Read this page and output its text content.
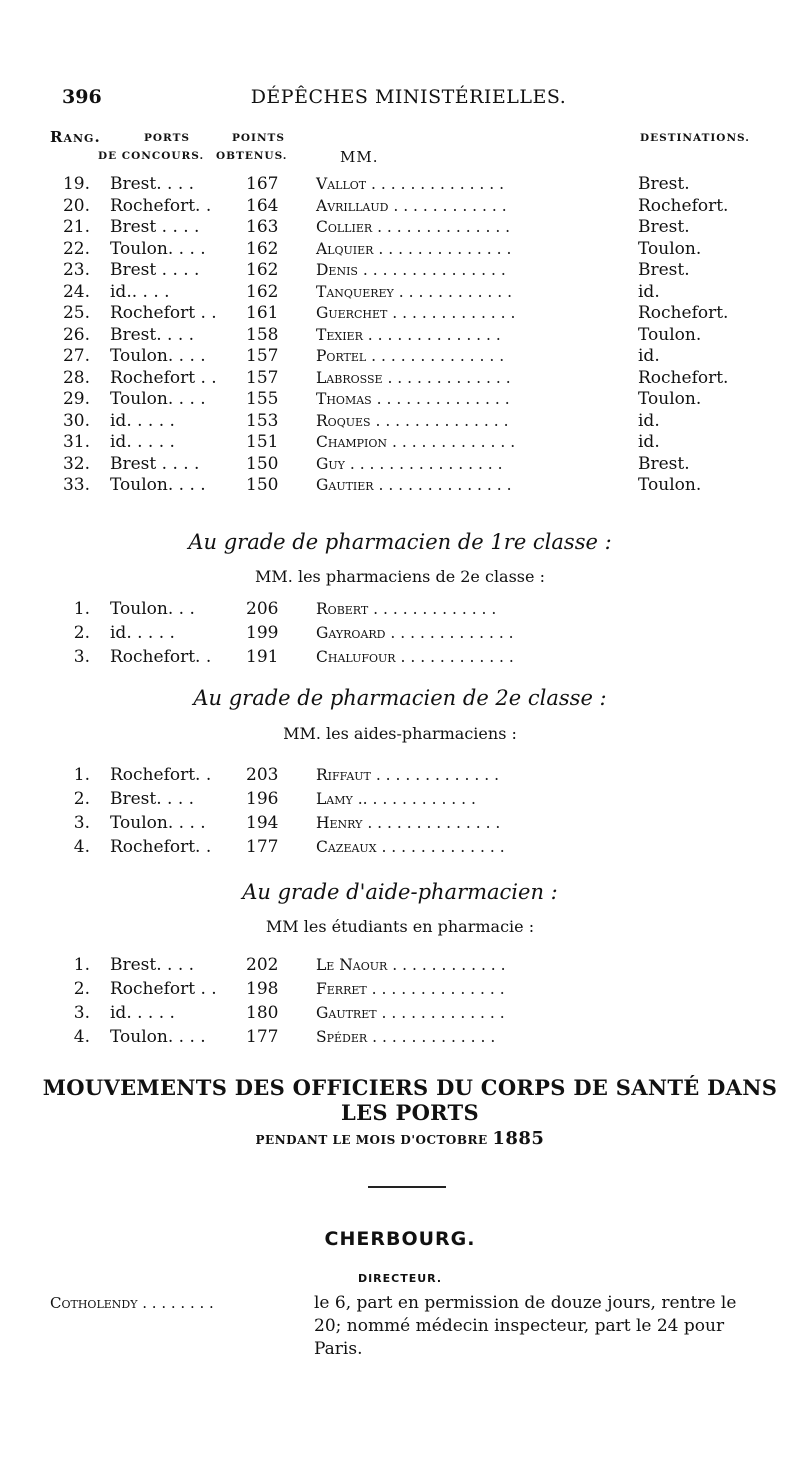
396	DÉPÊCHES MINISTÉRIELLES.
Rang.	PORTS
DE CONCOURS.
POINTS
OBTENUS.	MM.
DESTINATIONS.
19. Brest. . . .	167 Vallot . . . . . . . . . . . . . .	Brest.
20. Rochefort. . 164 Avrillaud . . . . . . . . . . . .	Rochefort.
21. Brest . . . .	163 Collier . . . . . . . . . . . . . .	Brest.
22. Toulon. . . . 162 Alquier . . . . . . . . . . . . . .	Toulon.
23. Brest . . . .	162 Denis . . . . . . . . . . . . . . .	Brest.
24. id.. . . .	162 Tanquerey . . . . . . . . . . . .	id.
25. Rochefort . . 161 Guerchet . . . . . . . . . . . . .	Rochefort.
26. Brest. . . .	158 Texier . . . . . . . . . . . . . .	Toulon.
27. Toulon. . . . 157 Portel . . . . . . . . . . . . . .	id.
28. Rochefort . . 157 Labrosse . . . . . . . . . . . . .	Rochefort.
29. Toulon. . . . 155 Thomas . . . . . . . . . . . . . .	Toulon.
30. id. . . . .	153 Roques . . . . . . . . . . . . . .	id.
31. id. . . . .	151 Champion . . . . . . . . . . . . .	id.
32. Brest . . . .	150 Guy . . . . . . . . . . . . . . . .	Brest.
33. Toulon. . . . 150 Gautier . . . . . . . . . . . . . .	Toulon.
Au grade de pharmacien de 1re classe :
MM. les pharmaciens de 2e classe :
1. Toulon. . .	206 Robert . . . . . . . . . . . . .
2. id. . . . .	199 Gayroard . . . . . . . . . . . . .
3. Rochefort. . 191 Chalufour . . . . . . . . . . . .
Au grade de pharmacien de 2e classe :
MM. les aides-pharmaciens :
1. Rochefort. . 203 Riffaut . . . . . . . . . . . . .
2. Brest. . . .	196 Lamy .. . . . . . . . . . . .
3. Toulon. . . . 194 Henry . . . . . . . . . . . . . .
4. Rochefort. . 177 Cazeaux . . . . . . . . . . . . .
Au grade d'aide-pharmacien :
MM les étudiants en pharmacie :
1. Brest. . . .	202 Le Naour . . . . . . . . . . . .
2. Rochefort . . 198 Ferret . . . . . . . . . . . . . .
3. id. . . . .	180 Gautret . . . . . . . . . . . . .
4. Toulon. . . . 177 Spéder . . . . . . . . . . . . .
MOUVEMENTS DES OFFICIERS DU CORPS DE SANTÉ DANS LES PORTS
PENDANT LE MOIS D'OCTOBRE 1885
CHERBOURG.
DIRECTEUR.
Cotholendy . . . . . . . .	le 6, part en permission de douze jours, rentre le 20; nommé médecin inspecteur, part le 24 pour Paris.
